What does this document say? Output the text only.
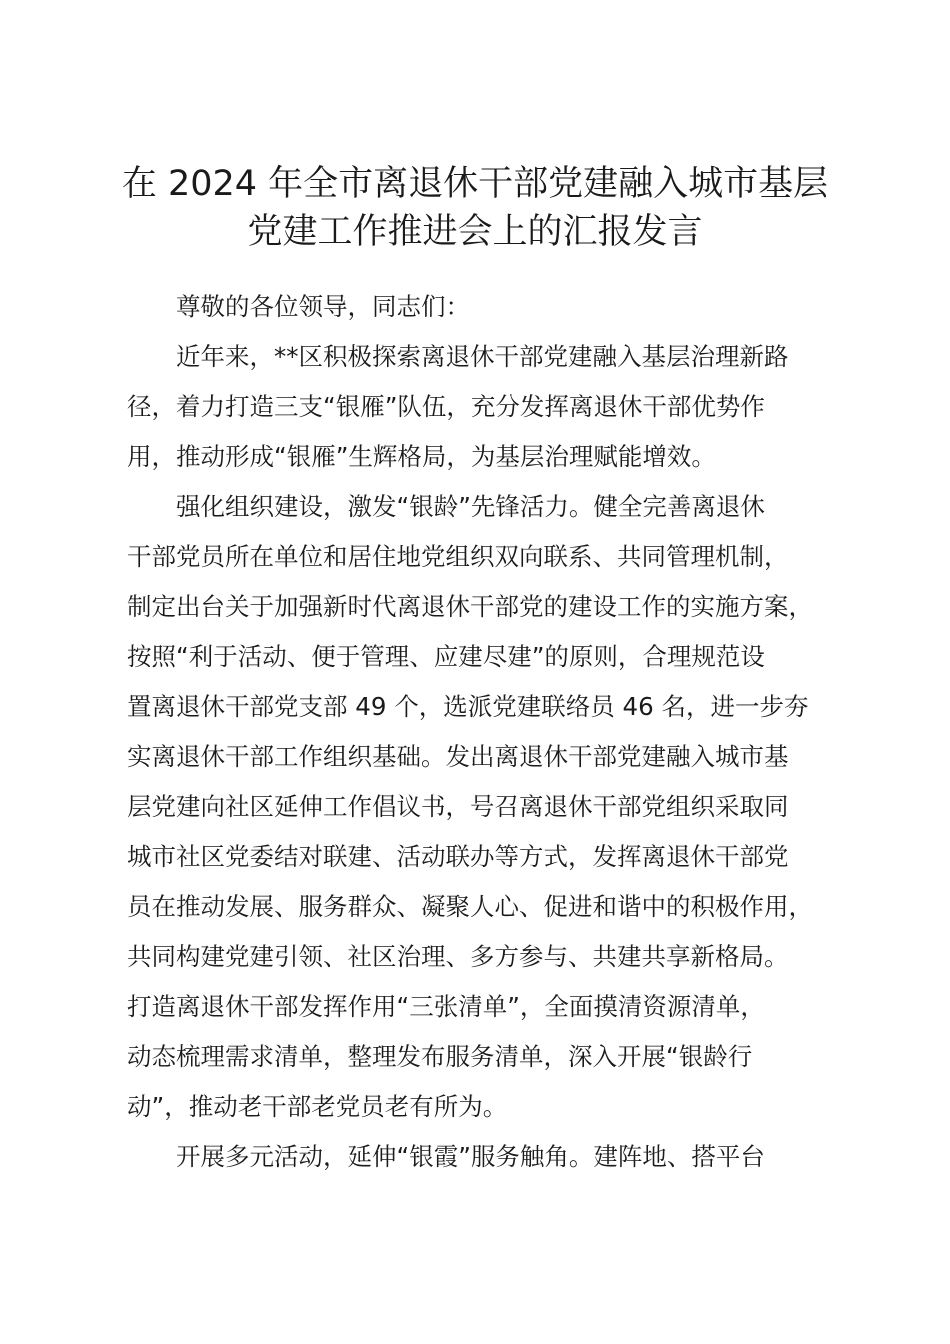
在 2024 年全市离退休干部党建融入城市基层
党建工作推进会上的汇报发言

尊敬的各位领导，同志们：

近年来，**区积极探索离退休干部党建融入基层治理新路
径，着力打造三支“银雁”队伍，充分发挥离退休干部优势作
用，推动形成“银雁”生辉格局，为基层治理赋能增效。

强化组织建设，激发“银龄”先锋活力。健全完善离退休
干部党员所在单位和居住地党组织双向联系、共同管理机制，
制定出台关于加强新时代离退休干部党的建设工作的实施方案，
按照“利于活动、便于管理、应建尽建”的原则，合理规范设
置离退休干部党支部 49 个，选派党建联络员 46 名，进一步夯
实离退休干部工作组织基础。发出离退休干部党建融入城市基
层党建向社区延伸工作倡议书，号召离退休干部党组织采取同
城市社区党委结对联建、活动联办等方式，发挥离退休干部党
员在推动发展、服务群众、凝聚人心、促进和谐中的积极作用，
共同构建党建引领、社区治理、多方参与、共建共享新格局。
打造离退休干部发挥作用“三张清单”，全面摸清资源清单，
动态梳理需求清单，整理发布服务清单，深入开展“银龄行
动”，推动老干部老党员老有所为。

开展多元活动，延伸“银霞”服务触角。建阵地、搭平台
